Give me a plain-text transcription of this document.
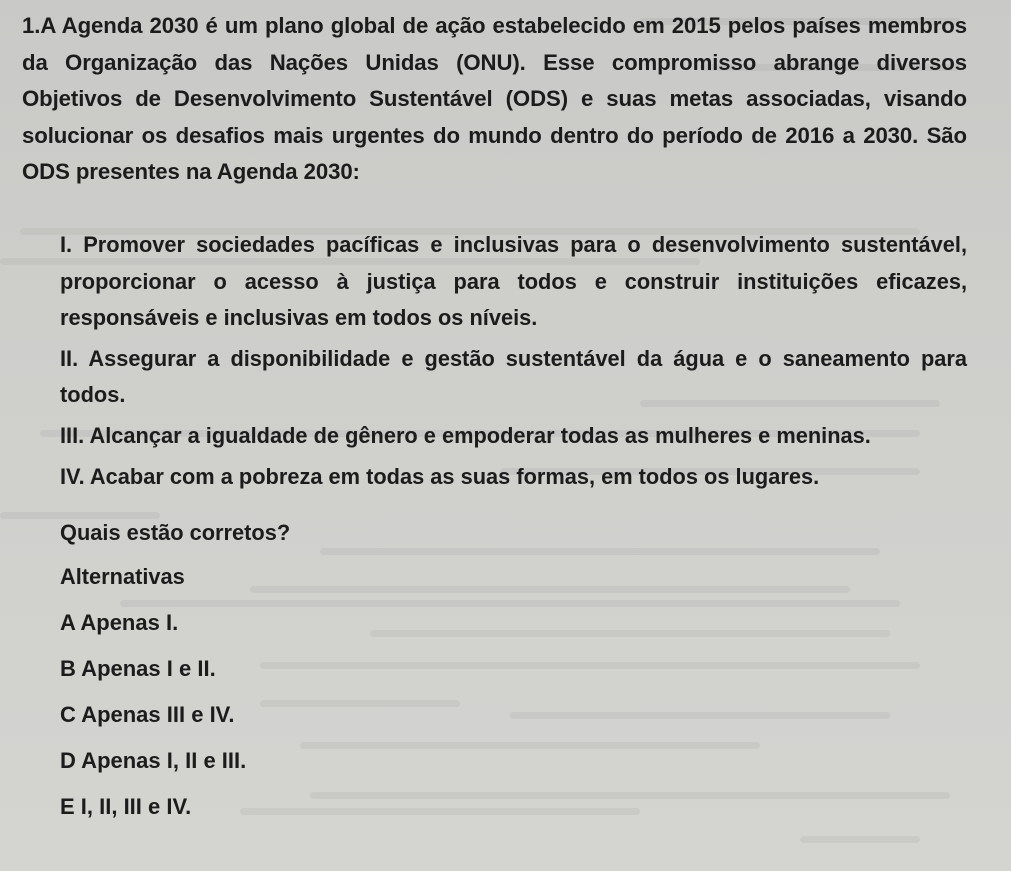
1.A Agenda 2030 é um plano global de ação estabelecido em 2015 pelos países membros da Organização das Nações Unidas (ONU). Esse compromisso abrange diversos Objetivos de Desenvolvimento Sustentável (ODS) e suas metas associadas, visando solucionar os desafios mais urgentes do mundo dentro do período de 2016 a 2030. São ODS presentes na Agenda 2030:

I. Promover sociedades pacíficas e inclusivas para o desenvolvimento sustentável, proporcionar o acesso à justiça para todos e construir instituições eficazes, responsáveis e inclusivas em todos os níveis.
II. Assegurar a disponibilidade e gestão sustentável da água e o saneamento para todos.
III. Alcançar a igualdade de gênero e empoderar todas as mulheres e meninas.
IV. Acabar com a pobreza em todas as suas formas, em todos os lugares.
Quais estão corretos?
Alternativas
A Apenas I.
B Apenas I e II.
C Apenas III e IV.
D Apenas I, II e III.
E I, II, III e IV.
